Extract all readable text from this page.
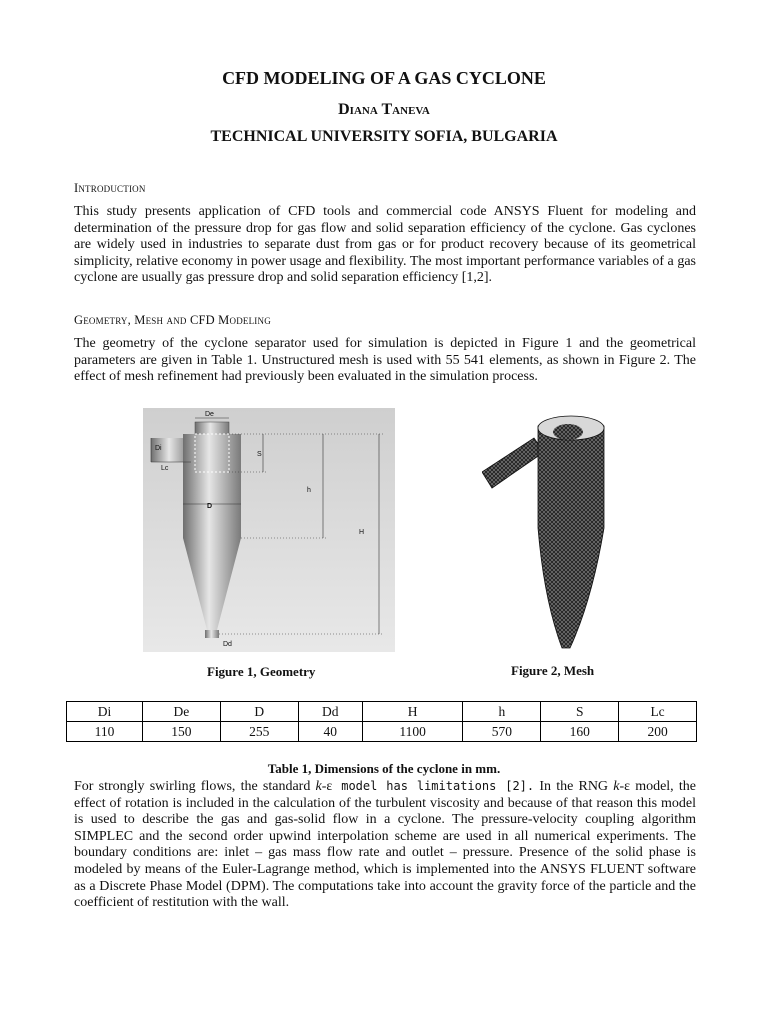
CFD MODELING OF A GAS CYCLONE
Diana Taneva
TECHNICAL UNIVERSITY SOFIA, BULGARIA
Introduction

This study presents application of CFD tools and commercial code ANSYS Fluent for modeling and determination of the pressure drop for gas flow and solid separation efficiency of the cyclone. Gas cyclones are widely used in industries to separate dust from gas or for product recovery because of its geometrical simplicity, relative economy in power usage and flexibility. The most important performance variables of a gas cyclone are usually gas pressure drop and solid separation efficiency [1,2].

Geometry, Mesh and CFD Modeling

The geometry of the cyclone separator used for simulation is depicted in Figure 1 and the geometrical parameters are given in Table 1. Unstructured mesh is used with 55 541 elements, as shown in Figure 2. The effect of mesh refinement had previously been evaluated in the simulation process.

De
Di
Lc
S
h
D
H
Dd
Figure 1, Geometry	Figure 2, Mesh
Di	De	D	Dd	H	h	S	Lc
110	150	255	40	1100	570	160	200
Table 1, Dimensions of the cyclone in mm.

For strongly swirling flows, the standard k-ε model has limitations [2]. In the RNG k-ε model, the effect of rotation is included in the calculation of the turbulent viscosity and because of that reason this model is used to describe the gas and gas-solid flow in a cyclone. The pressure-velocity coupling algorithm SIMPLEC and the second order upwind interpolation scheme are used in all numerical experiments. The boundary conditions are: inlet – gas mass flow rate and outlet – pressure. Presence of the solid phase is modeled by means of the Euler-Lagrange method, which is implemented into the ANSYS FLUENT software as a Discrete Phase Model (DPM). The computations take into account the gravity force of the particle and the coefficient of restitution with the wall.
